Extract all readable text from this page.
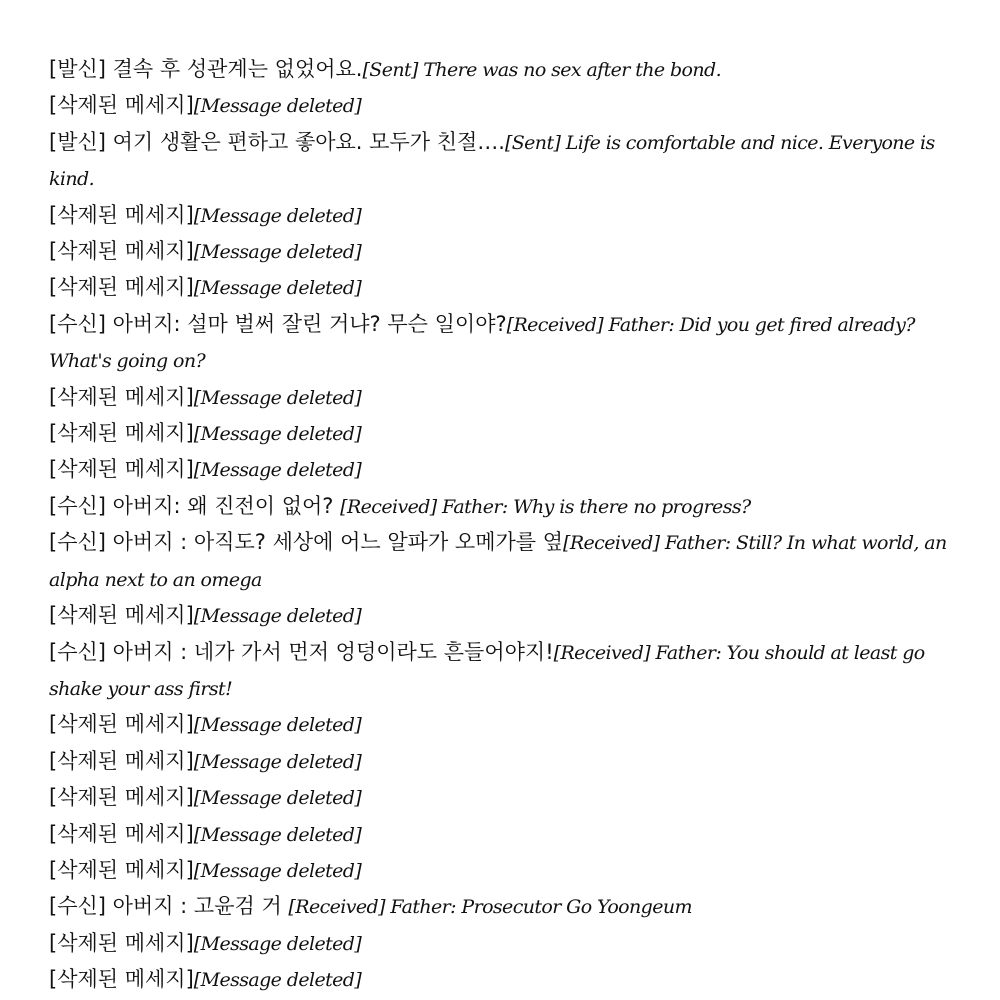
[발신] 결속 후 성관계는 없었어요.[Sent] There was no sex after the bond.
[삭제된 메세지][Message deleted]
[발신] 여기 생활은 편하고 좋아요. 모두가 친절….[Sent] Life is comfortable and nice. Everyone is kind.
[삭제된 메세지][Message deleted]
[삭제된 메세지][Message deleted]
[삭제된 메세지][Message deleted]
[수신] 아버지: 설마 벌써 잘린 거냐? 무슨 일이야?[Received] Father: Did you get fired already? What's going on?
[삭제된 메세지][Message deleted]
[삭제된 메세지][Message deleted]
[삭제된 메세지][Message deleted]
[수신] 아버지: 왜 진전이 없어? [Received] Father: Why is there no progress?
[수신] 아버지 : 아직도? 세상에 어느 알파가 오메가를 옆[Received] Father: Still? In what world, an alpha next to an omega
[삭제된 메세지][Message deleted]
[수신] 아버지 : 네가 가서 먼저 엉덩이라도 흔들어야지![Received] Father: You should at least go shake your ass first!
[삭제된 메세지][Message deleted]
[삭제된 메세지][Message deleted]
[삭제된 메세지][Message deleted]
[삭제된 메세지][Message deleted]
[삭제된 메세지][Message deleted]
[수신] 아버지 : 고윤검 거 [Received] Father: Prosecutor Go Yoongeum
[삭제된 메세지][Message deleted]
[삭제된 메세지][Message deleted]
